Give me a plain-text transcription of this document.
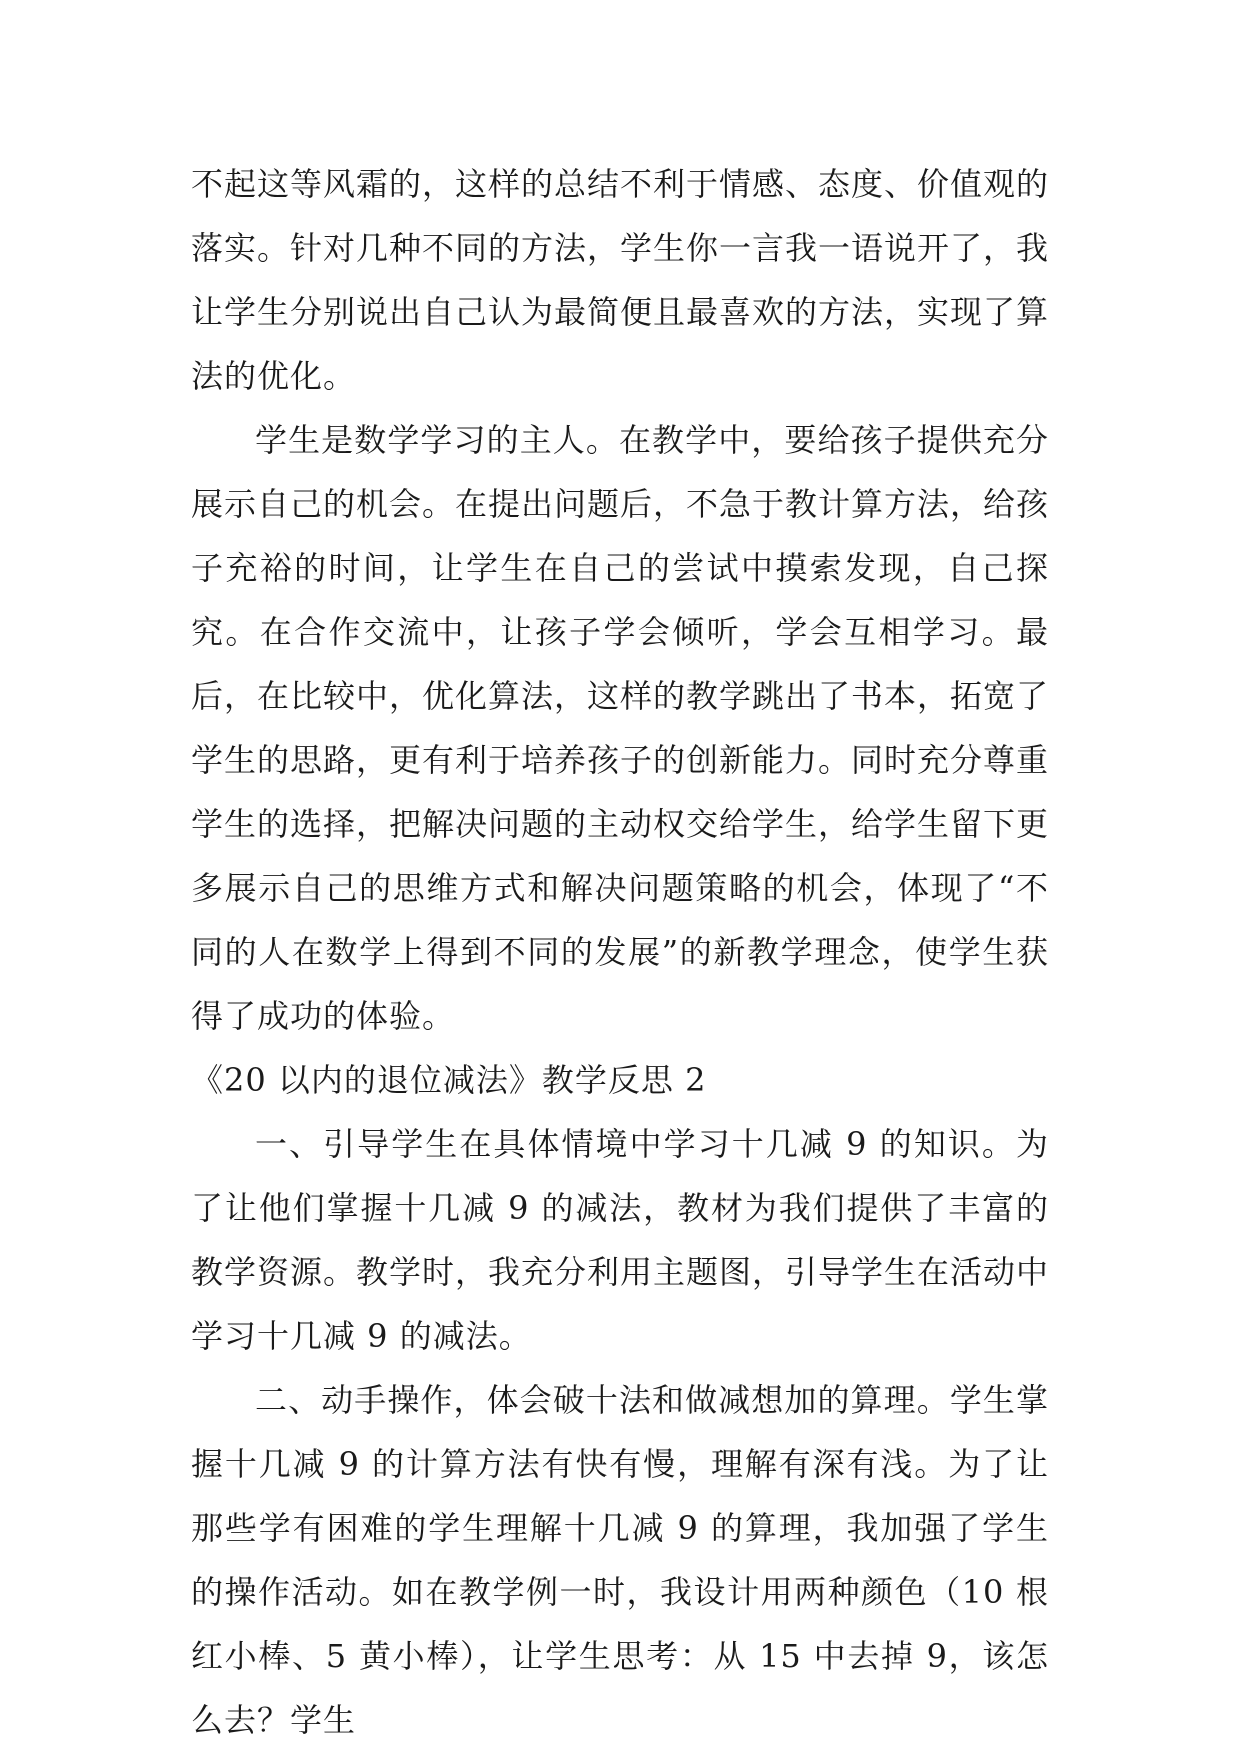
不起这等风霜的，这样的总结不利于情感、态度、价值观的落实。针对几种不同的方法，学生你一言我一语说开了，我让学生分别说出自己认为最简便且最喜欢的方法，实现了算法的优化。

学生是数学学习的主人。在教学中，要给孩子提供充分展示自己的机会。在提出问题后，不急于教计算方法，给孩子充裕的时间，让学生在自己的尝试中摸索发现，自己探究。在合作交流中，让孩子学会倾听，学会互相学习。最后，在比较中，优化算法，这样的教学跳出了书本，拓宽了学生的思路，更有利于培养孩子的创新能力。同时充分尊重学生的选择，把解决问题的主动权交给学生，给学生留下更多展示自己的思维方式和解决问题策略的机会，体现了“不同的人在数学上得到不同的发展”的新教学理念，使学生获得了成功的体验。

《20 以内的退位减法》教学反思 2

一、引导学生在具体情境中学习十几减 9 的知识。为了让他们掌握十几减 9 的减法，教材为我们提供了丰富的教学资源。教学时，我充分利用主题图，引导学生在活动中学习十几减 9 的减法。

二、动手操作，体会破十法和做减想加的算理。学生掌握十几减 9 的计算方法有快有慢，理解有深有浅。为了让那些学有困难的学生理解十几减 9 的算理，我加强了学生的操作活动。如在教学例一时，我设计用两种颜色（10 根红小棒、5 黄小棒），让学生思考：从 15 中去掉 9，该怎么去？学生
